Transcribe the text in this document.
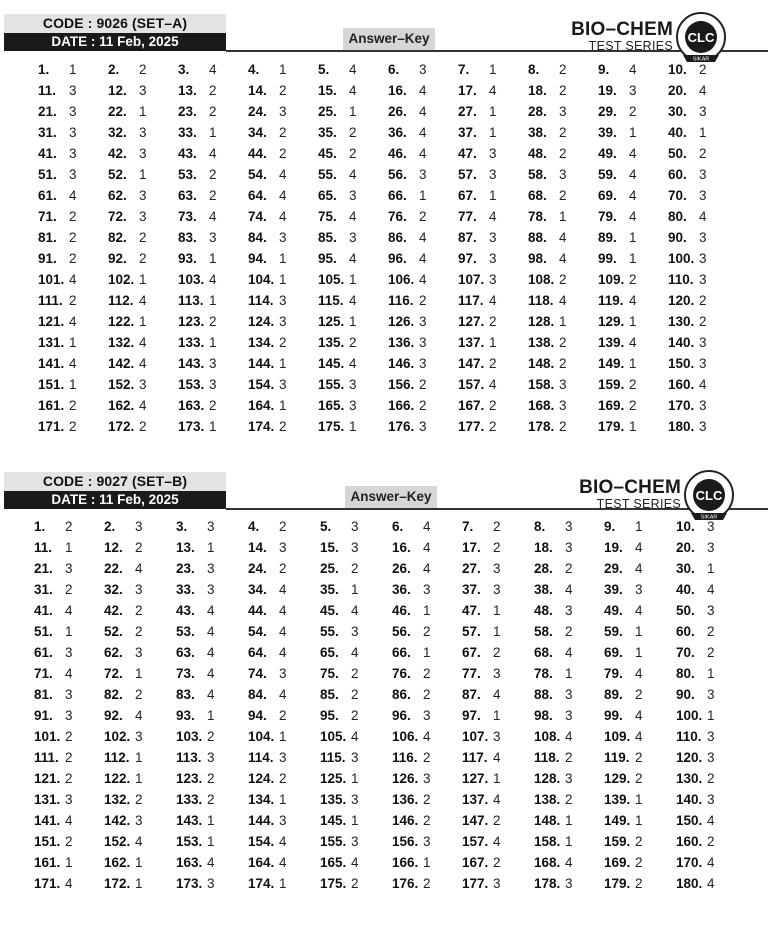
CODE : 9026 (SET–A)
DATE : 11 Feb, 2025	Answer–Key	BIO–CHEM
TEST SERIES
CLC
SIKAR
1. 1 2. 2 3. 4 4. 1 5. 4 6. 3 7. 1 8. 2 9. 4 10. 2
11. 3 12. 3 13. 2 14. 2 15. 4 16. 4 17. 4 18. 2 19. 3 20. 4
21. 3 22. 1 23. 2 24. 3 25. 1 26. 4 27. 1 28. 3 29. 2 30. 3
31. 3 32. 3 33. 1 34. 2 35. 2 36. 4 37. 1 38. 2 39. 1 40. 1
41. 3 42. 3 43. 4 44. 2 45. 2 46. 4 47. 3 48. 2 49. 4 50. 2
51. 3 52. 1 53. 2 54. 4 55. 4 56. 3 57. 3 58. 3 59. 4 60. 3
61. 4 62. 3 63. 2 64. 4 65. 3 66. 1 67. 1 68. 2 69. 4 70. 3
71. 2 72. 3 73. 4 74. 4 75. 4 76. 2 77. 4 78. 1 79. 4 80. 4
81. 2 82. 2 83. 3 84. 3 85. 3 86. 4 87. 3 88. 4 89. 1 90. 3
91. 2 92. 2 93. 1 94. 1 95. 4 96. 4 97. 3 98. 4 99. 1 100. 3
101. 4 102. 1 103. 4 104. 1 105. 1 106. 4 107. 3 108. 2 109. 2 110. 3
111. 2 112. 4 113. 1 114. 3 115. 4 116. 2 117. 4 118. 4 119. 4 120. 2
121. 4 122. 1 123. 2 124. 3 125. 1 126. 3 127. 2 128. 1 129. 1 130. 2
131. 1 132. 4 133. 1 134. 2 135. 2 136. 3 137. 1 138. 2 139. 4 140. 3
141. 4 142. 4 143. 3 144. 1 145. 4 146. 3 147. 2 148. 2 149. 1 150. 3
151. 1 152. 3 153. 3 154. 3 155. 3 156. 2 157. 4 158. 3 159. 2 160. 4
161. 2 162. 4 163. 2 164. 1 165. 3 166. 2 167. 2 168. 3 169. 2 170. 3
171. 2 172. 2 173. 1 174. 2 175. 1 176. 3 177. 2 178. 2 179. 1 180. 3
CODE : 9027 (SET–B)
DATE : 11 Feb, 2025	Answer–Key	BIO–CHEM
TEST SERIES
CLC
SIKAR
1. 2 2. 3 3. 3 4. 2 5. 3 6. 4 7. 2 8. 3 9. 1 10. 3
11. 1 12. 2 13. 1 14. 3 15. 3 16. 4 17. 2 18. 3 19. 4 20. 3
21. 3 22. 4 23. 3 24. 2 25. 2 26. 4 27. 3 28. 2 29. 4 30. 1
31. 2 32. 3 33. 3 34. 4 35. 1 36. 3 37. 3 38. 4 39. 3 40. 4
41. 4 42. 2 43. 4 44. 4 45. 4 46. 1 47. 1 48. 3 49. 4 50. 3
51. 1 52. 2 53. 4 54. 4 55. 3 56. 2 57. 1 58. 2 59. 1 60. 2
61. 3 62. 3 63. 4 64. 4 65. 4 66. 1 67. 2 68. 4 69. 1 70. 2
71. 4 72. 1 73. 4 74. 3 75. 2 76. 2 77. 3 78. 1 79. 4 80. 1
81. 3 82. 2 83. 4 84. 4 85. 2 86. 2 87. 4 88. 3 89. 2 90. 3
91. 3 92. 4 93. 1 94. 2 95. 2 96. 3 97. 1 98. 3 99. 4 100. 1
101. 2 102. 3 103. 2 104. 1 105. 4 106. 4 107. 3 108. 4 109. 4 110. 3
111. 2 112. 1 113. 3 114. 3 115. 3 116. 2 117. 4 118. 2 119. 2 120. 3
121. 2 122. 1 123. 2 124. 2 125. 1 126. 3 127. 1 128. 3 129. 2 130. 2
131. 3 132. 2 133. 2 134. 1 135. 3 136. 2 137. 4 138. 2 139. 1 140. 3
141. 4 142. 3 143. 1 144. 3 145. 1 146. 2 147. 2 148. 1 149. 1 150. 4
151. 2 152. 4 153. 1 154. 4 155. 3 156. 3 157. 4 158. 1 159. 2 160. 2
161. 1 162. 1 163. 4 164. 4 165. 4 166. 1 167. 2 168. 4 169. 2 170. 4
171. 4 172. 1 173. 3 174. 1 175. 2 176. 2 177. 3 178. 3 179. 2 180. 4
